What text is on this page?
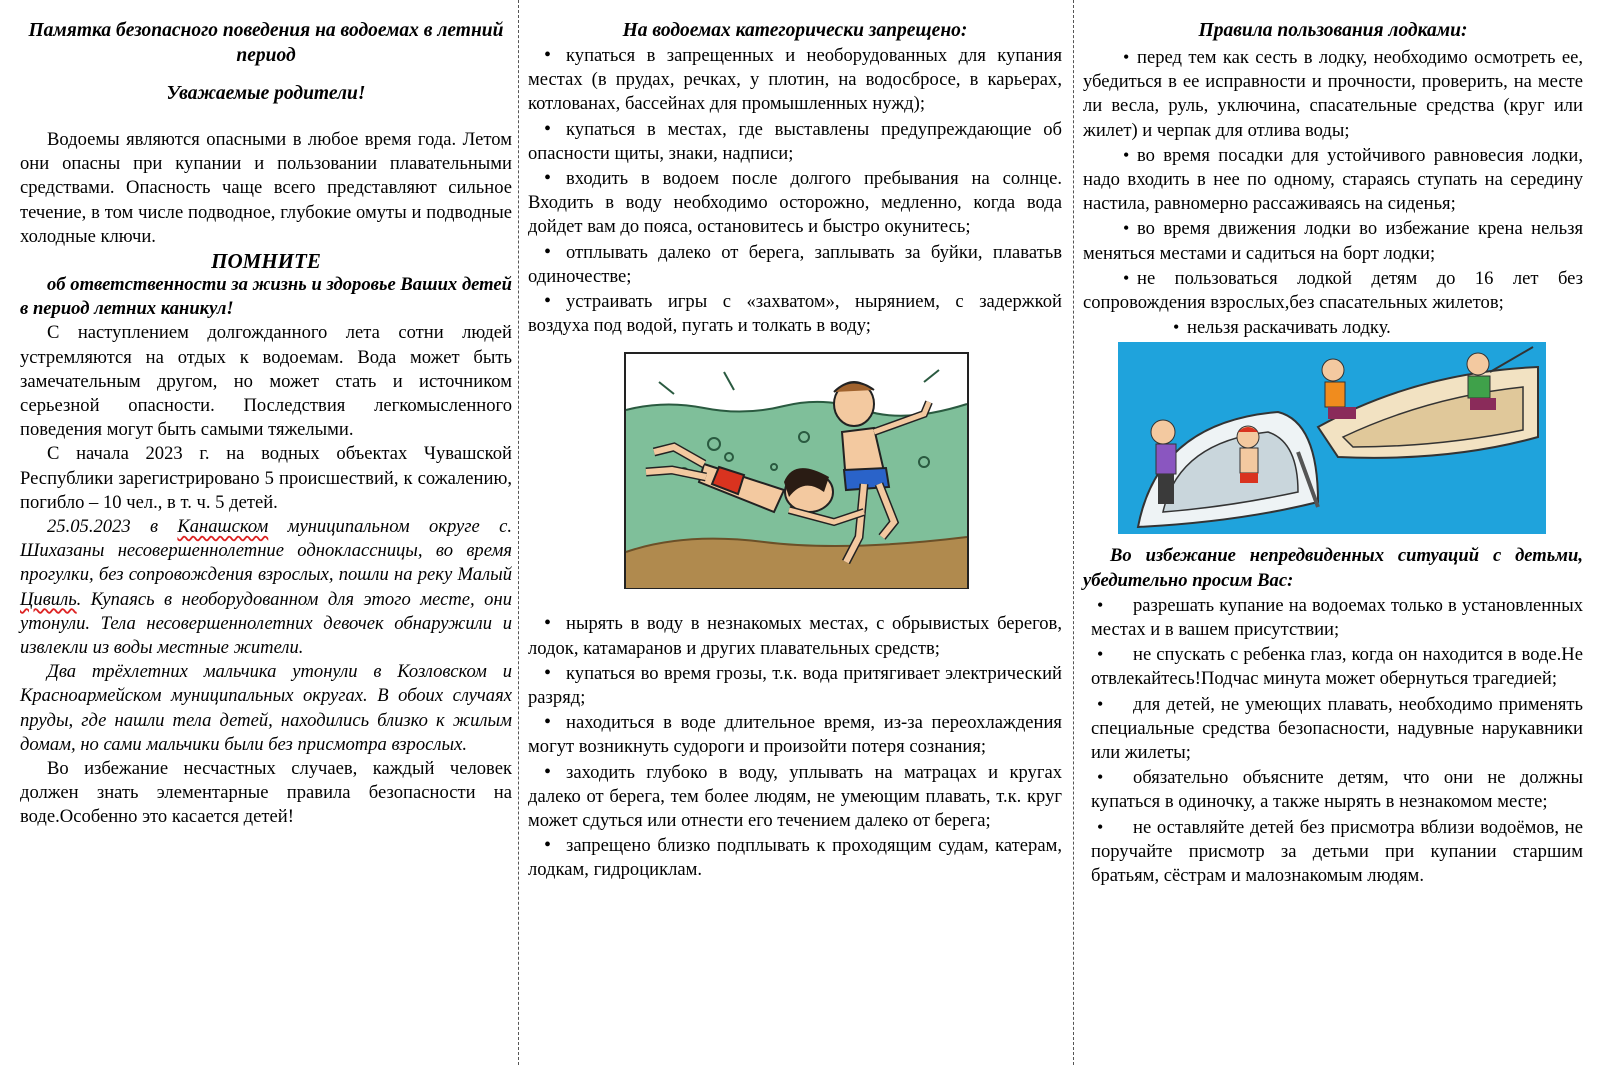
Памятка безопасного поведения на водоемах в летний период

Уважаемые родители!

Водоемы являются опасными в любое время года. Летом они опасны при купании и пользовании плавательными средствами. Опасность чаще всего представляют сильное течение, в том числе подводное, глубокие омуты и подводные холодные ключи.

ПОМНИТЕ

об ответственности за жизнь и здоровье Ваших детей в период летних каникул!

С наступлением долгожданного лета сотни людей устремляются на отдых к водоемам. Вода может быть замечательным другом, но может стать и источником серьезной опасности. Последствия легкомысленного поведения могут быть самыми тяжелыми.

С начала 2023 г. на водных объектах Чувашской Республики зарегистрировано 5 происшествий, к сожалению, погибло – 10 чел., в т. ч. 5 детей.

25.05.2023 в Канашском муниципальном округе с. Шихазаны несовершеннолетние одноклассницы, во время прогулки, без сопровождения взрослых, пошли на реку Малый Цивиль. Купаясь в необорудованном для этого месте, они утонули. Тела несовершеннолетних девочек обнаружили и извлекли из воды местные жители.

Два трёхлетних мальчика утонули в Козловском и Красноармейском муниципальных округах. В обоих случаях пруды, где нашли тела детей, находились близко к жилым домам, но сами мальчики были без присмотра взрослых.

Во избежание несчастных случаев, каждый человек должен знать элементарные правила безопасности на воде.Особенно это касается детей!

На водоемах категорически запрещено:

• купаться в запрещенных и необорудованных для купания местах (в прудах, речках, у плотин, на водосбросе, в карьерах, котлованах, бассейнах для промышленных нужд);
• купаться в местах, где выставлены предупреждающие об опасности щиты, знаки, надписи;
• входить в водоем после долгого пребывания на солнце. Входить в воду необходимо осторожно, медленно, когда вода дойдет вам до пояса, остановитесь и быстро окунитесь;
• отплывать далеко от берега, заплывать за буйки, плаватьв одиночестве;
• устраивать игры с «захватом», нырянием, с задержкой воздуха под водой, пугать и толкать в воду;
• нырять в воду в незнакомых местах, с обрывистых берегов, лодок, катамаранов и других плавательных средств;
• купаться во время грозы, т.к. вода притягивает электрический разряд;
• находиться в воде длительное время, из-за переохлаждения могут возникнуть судороги и произойти потеря сознания;
• заходить глубоко в воду, уплывать на матрацах и кругах далеко от берега, тем более людям, не умеющим плавать, т.к. круг может сдуться или отнести его течением далеко от берега;
• запрещено близко подплывать к проходящим судам, катерам, лодкам, гидроциклам.

Правила пользования лодками:

• перед тем как сесть в лодку, необходимо осмотреть ее, убедиться в ее исправности и прочности, проверить, на месте ли весла, руль, уключина, спасательные средства (круг или жилет) и черпак для отлива воды;
• во время посадки для устойчивого равновесия лодки, надо входить в нее по одному, стараясь ступать на середину настила, равномерно рассаживаясь на сиденья;
• во время движения лодки во избежание крена нельзя меняться местами и садиться на борт лодки;
• не пользоваться лодкой детям до 16 лет без сопровождения взрослых,без спасательных жилетов;
• нельзя раскачивать лодку.

Во избежание непредвиденных ситуаций с детьми, убедительно просим Вас:

• разрешать купание на водоемах только в установленных местах и в вашем присутствии;
• не спускать с ребенка глаз, когда он находится в воде.Не отвлекайтесь!Подчас минута может обернуться трагедией;
• для детей, не умеющих плавать, необходимо применять специальные средства безопасности, надувные нарукавники или жилеты;
• обязательно объясните детям, что они не должны купаться в одиночку, а также нырять в незнакомом месте;
• не оставляйте детей без присмотра вблизи водоёмов, не поручайте присмотр за детьми при купании старшим братьям, сёстрам и малознакомым людям.
